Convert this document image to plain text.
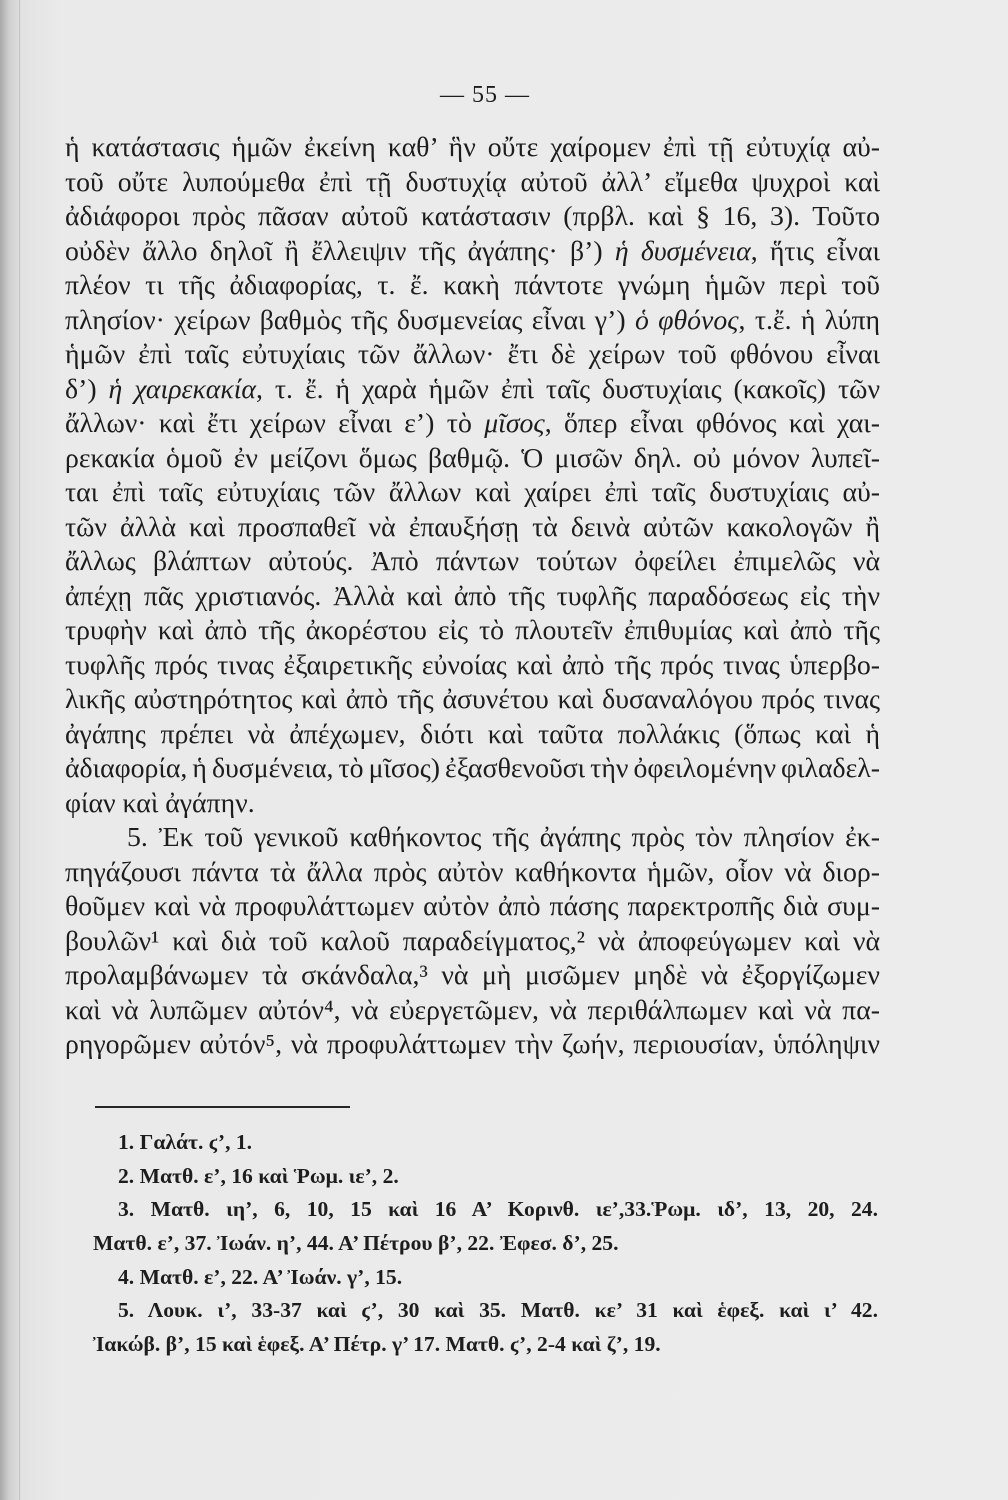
— 55 —
ἡ κατάστασις ἡμῶν ἐκείνη καθ’ ἣν οὔτε χαίρομεν ἐπὶ τῇ εὐτυχίᾳ αὐ-
τοῦ οὔτε λυπούμεθα ἐπὶ τῇ δυστυχίᾳ αὐτοῦ ἀλλ’ εἴμεθα ψυχροὶ καὶ
ἀδιάφοροι πρὸς πᾶσαν αὐτοῦ κατάστασιν (πρβλ. καὶ § 16, 3). Τοῦτο
οὐδὲν ἄλλο δηλοῖ ἢ ἔλλειψιν τῆς ἀγάπης· β’) ἡ δυσμένεια, ἥτις εἶναι
πλέον τι τῆς ἀδιαφορίας, τ. ἔ. κακὴ πάντοτε γνώμη ἡμῶν περὶ τοῦ
πλησίον· χείρων βαθμὸς τῆς δυσμενείας εἶναι γ’) ὁ φθόνος, τ.ἔ. ἡ λύπη
ἡμῶν ἐπὶ ταῖς εὐτυχίαις τῶν ἄλλων· ἔτι δὲ χείρων τοῦ φθόνου εἶναι
δ’) ἡ χαιρεκακία, τ. ἔ. ἡ χαρὰ ἡμῶν ἐπὶ ταῖς δυστυχίαις (κακοῖς) τῶν
ἄλλων· καὶ ἔτι χείρων εἶναι ε’) τὸ μῖσος, ὅπερ εἶναι φθόνος καὶ χαι-
ρεκακία ὁμοῦ ἐν μείζονι ὅμως βαθμῷ. Ὁ μισῶν δηλ. οὐ μόνον λυπεῖ-
ται ἐπὶ ταῖς εὐτυχίαις τῶν ἄλλων καὶ χαίρει ἐπὶ ταῖς δυστυχίαις αὐ-
τῶν ἀλλὰ καὶ προσπαθεῖ νὰ ἐπαυξήσῃ τὰ δεινὰ αὐτῶν κακολογῶν ἢ
ἄλλως βλάπτων αὐτούς. Ἀπὸ πάντων τούτων ὀφείλει ἐπιμελῶς νὰ
ἀπέχῃ πᾶς χριστιανός. Ἀλλὰ καὶ ἀπὸ τῆς τυφλῆς παραδόσεως εἰς τὴν
τρυφὴν καὶ ἀπὸ τῆς ἀκορέστου εἰς τὸ πλουτεῖν ἐπιθυμίας καὶ ἀπὸ τῆς
τυφλῆς πρός τινας ἐξαιρετικῆς εὐνοίας καὶ ἀπὸ τῆς πρός τινας ὑπερβο-
λικῆς αὐστηρότητος καὶ ἀπὸ τῆς ἀσυνέτου καὶ δυσαναλόγου πρός τινας
ἀγάπης πρέπει νὰ ἀπέχωμεν, διότι καὶ ταῦτα πολλάκις (ὅπως καὶ ἡ
ἀδιαφορία, ἡ δυσμένεια, τὸ μῖσος) ἐξασθενοῦσι τὴν ὀφειλομένην φιλαδελ-
φίαν καὶ ἀγάπην.
5. Ἐκ τοῦ γενικοῦ καθήκοντος τῆς ἀγάπης πρὸς τὸν πλησίον ἐκ-
πηγάζουσι πάντα τὰ ἄλλα πρὸς αὐτὸν καθήκοντα ἡμῶν, οἷον νὰ διορ-
θοῦμεν καὶ νὰ προφυλάττωμεν αὐτὸν ἀπὸ πάσης παρεκτροπῆς διὰ συμ-
βουλῶν¹ καὶ διὰ τοῦ καλοῦ παραδείγματος,² νὰ ἀποφεύγωμεν καὶ νὰ
προλαμβάνωμεν τὰ σκάνδαλα,³ νὰ μὴ μισῶμεν μηδὲ νὰ ἐξοργίζωμεν
καὶ νὰ λυπῶμεν αὐτόν⁴, νὰ εὐεργετῶμεν, νὰ περιθάλπωμεν καὶ νὰ πα-
ρηγορῶμεν αὐτόν⁵, νὰ προφυλάττωμεν τὴν ζωήν, περιουσίαν, ὑπόληψιν
1. Γαλάτ. ϛ’, 1.
2. Ματθ. ε’, 16 καὶ Ῥωμ. ιε’, 2.
3. Ματθ. ιη’, 6, 10, 15 καὶ 16 Α’ Κορινθ. ιε’,33.Ῥωμ. ιδ’, 13, 20, 24.
Ματθ. ε’, 37. Ἰωάν. η’, 44. Α’ Πέτρου β’, 22. Ἐφεσ. δ’, 25.
4. Ματθ. ε’, 22. Α’ Ἰωάν. γ’, 15.
5. Λουκ. ι’, 33-37 καὶ ϛ’, 30 καὶ 35. Ματθ. κε’ 31 καὶ ἑφεξ. καὶ ι’ 42.
Ἰακώβ. β’, 15 καὶ ἑφεξ. Α’ Πέτρ. γ’ 17. Ματθ. ϛ’, 2-4 καὶ ζ’, 19.
